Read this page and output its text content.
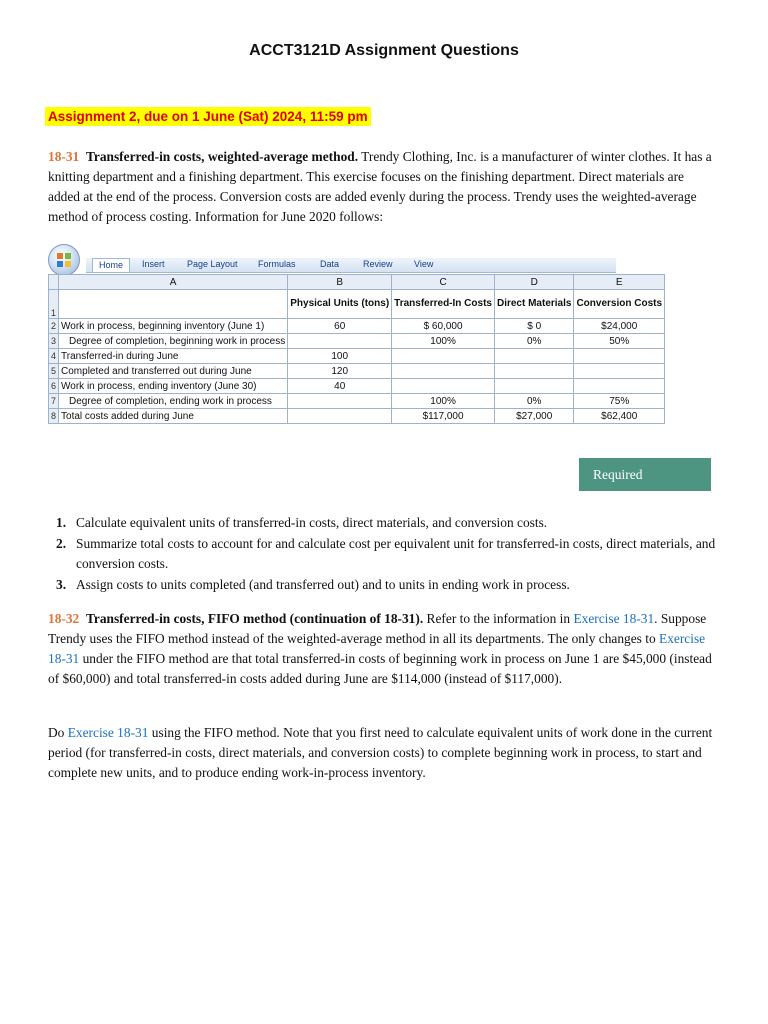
ACCT3121D Assignment Questions
Assignment 2, due on 1 June (Sat) 2024, 11:59 pm
18-31 Transferred-in costs, weighted-average method. Trendy Clothing, Inc. is a manufacturer of winter clothes. It has a knitting department and a finishing department. This exercise focuses on the finishing department. Direct materials are added at the end of the process. Conversion costs are added evenly during the process. Trendy uses the weighted-average method of process costing. Information for June 2020 follows:
Home	Insert Page Layout Formulas	Data	Review View
	A	B	C	D	E
1		Physical Units (tons)	Transferred-In Costs	Direct Materials	Conversion Costs
2	Work in process, beginning inventory (June 1)	60	$ 60,000	$ 0	$24,000
3	Degree of completion, beginning work in process		100%	0%	50%
4	Transferred-in during June	100			
5	Completed and transferred out during June	120			
6	Work in process, ending inventory (June 30)	40			
7	Degree of completion, ending work in process		100%	0%	75%
8	Total costs added during June		$117,000	$27,000	$62,400
Required
1. Calculate equivalent units of transferred-in costs, direct materials, and conversion costs.
2. Summarize total costs to account for and calculate cost per equivalent unit for transferred-in costs, direct materials, and conversion costs.
3. Assign costs to units completed (and transferred out) and to units in ending work in process.
18-32 Transferred-in costs, FIFO method (continuation of 18-31). Refer to the information in Exercise 18-31. Suppose Trendy uses the FIFO method instead of the weighted-average method in all its departments. The only changes to Exercise 18-31 under the FIFO method are that total transferred-in costs of beginning work in process on June 1 are $45,000 (instead of $60,000) and total transferred-in costs added during June are $114,000 (instead of $117,000).
Do Exercise 18-31 using the FIFO method. Note that you first need to calculate equivalent units of work done in the current period (for transferred-in costs, direct materials, and conversion costs) to complete beginning work in process, to start and complete new units, and to produce ending work-in-process inventory.
